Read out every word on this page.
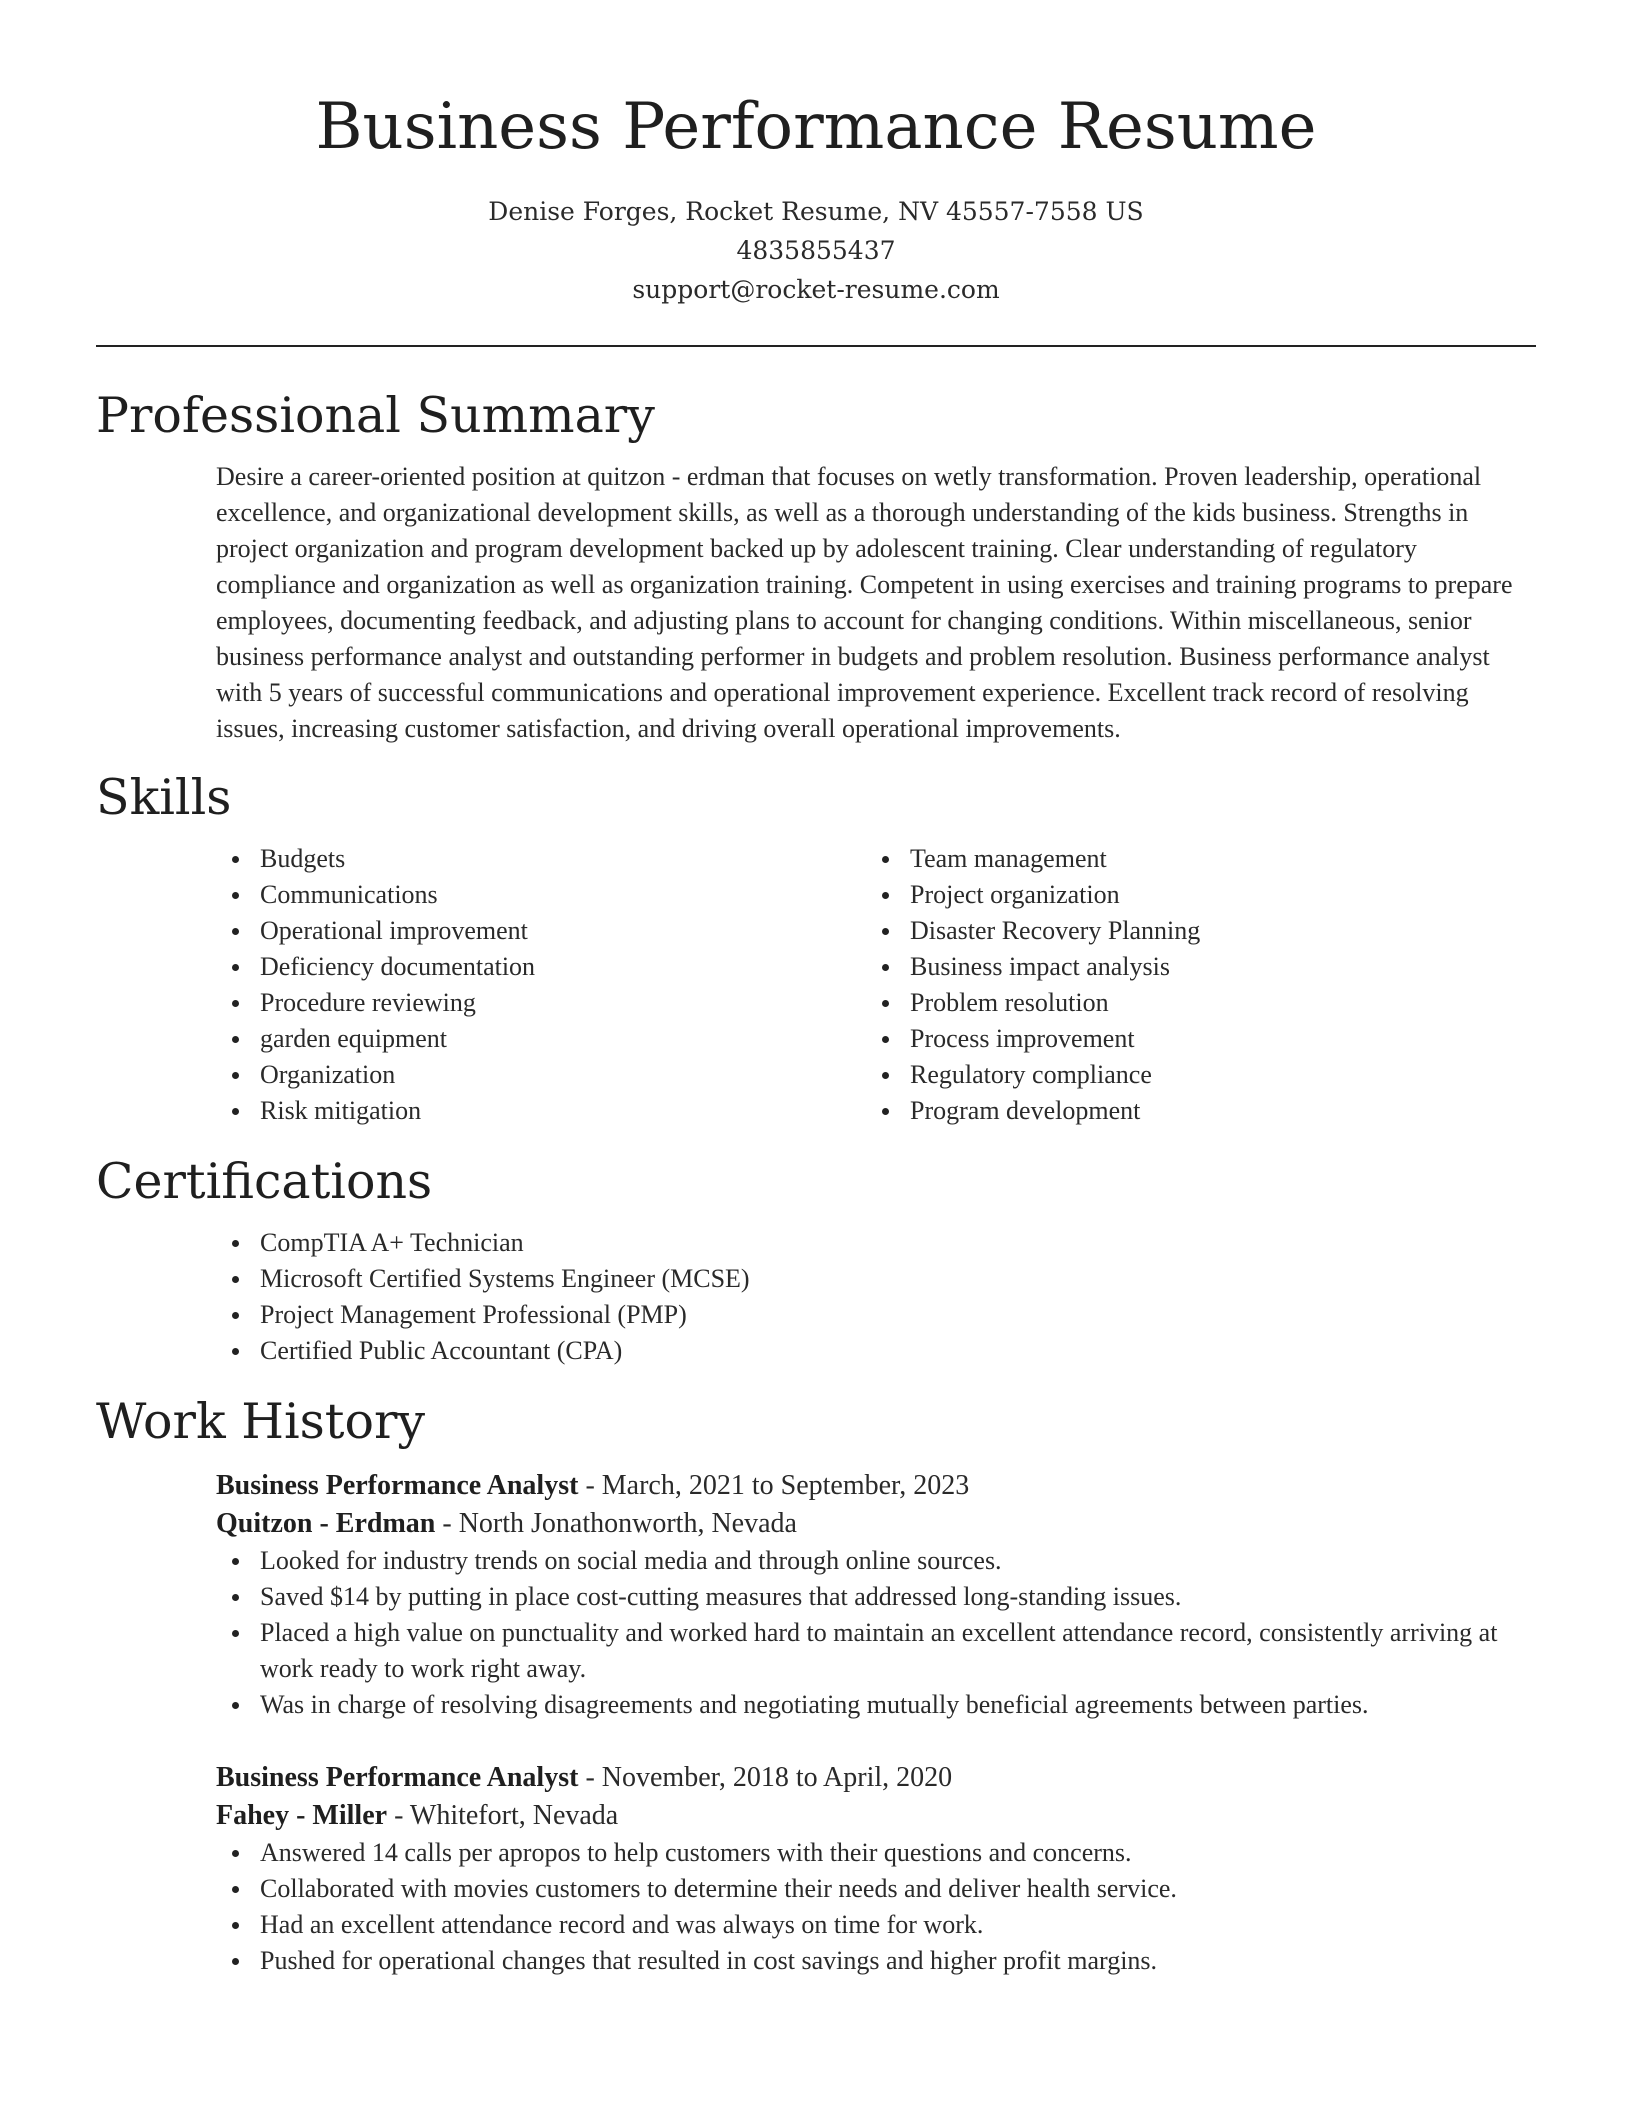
Business Performance Resume
Denise Forges, Rocket Resume, NV 45557-7558 US
4835855437
support@rocket-resume.com
Professional Summary
Desire a career-oriented position at quitzon - erdman that focuses on wetly transformation. Proven leadership, operational excellence, and organizational development skills, as well as a thorough understanding of the kids business. Strengths in project organization and program development backed up by adolescent training. Clear understanding of regulatory compliance and organization as well as organization training. Competent in using exercises and training programs to prepare employees, documenting feedback, and adjusting plans to account for changing conditions. Within miscellaneous, senior business performance analyst and outstanding performer in budgets and problem resolution. Business performance analyst with 5 years of successful communications and operational improvement experience. Excellent track record of resolving issues, increasing customer satisfaction, and driving overall operational improvements.
Skills
Budgets
Communications
Operational improvement
Deficiency documentation
Procedure reviewing
garden equipment
Organization
Risk mitigation
Team management
Project organization
Disaster Recovery Planning
Business impact analysis
Problem resolution
Process improvement
Regulatory compliance
Program development
Certifications
CompTIA A+ Technician
Microsoft Certified Systems Engineer (MCSE)
Project Management Professional (PMP)
Certified Public Accountant (CPA)
Work History
Business Performance Analyst - March, 2021 to September, 2023
Quitzon - Erdman - North Jonathonworth, Nevada
Looked for industry trends on social media and through online sources.
Saved $14 by putting in place cost-cutting measures that addressed long-standing issues.
Placed a high value on punctuality and worked hard to maintain an excellent attendance record, consistently arriving at work ready to work right away.
Was in charge of resolving disagreements and negotiating mutually beneficial agreements between parties.
Business Performance Analyst - November, 2018 to April, 2020
Fahey - Miller - Whitefort, Nevada
Answered 14 calls per apropos to help customers with their questions and concerns.
Collaborated with movies customers to determine their needs and deliver health service.
Had an excellent attendance record and was always on time for work.
Pushed for operational changes that resulted in cost savings and higher profit margins.
